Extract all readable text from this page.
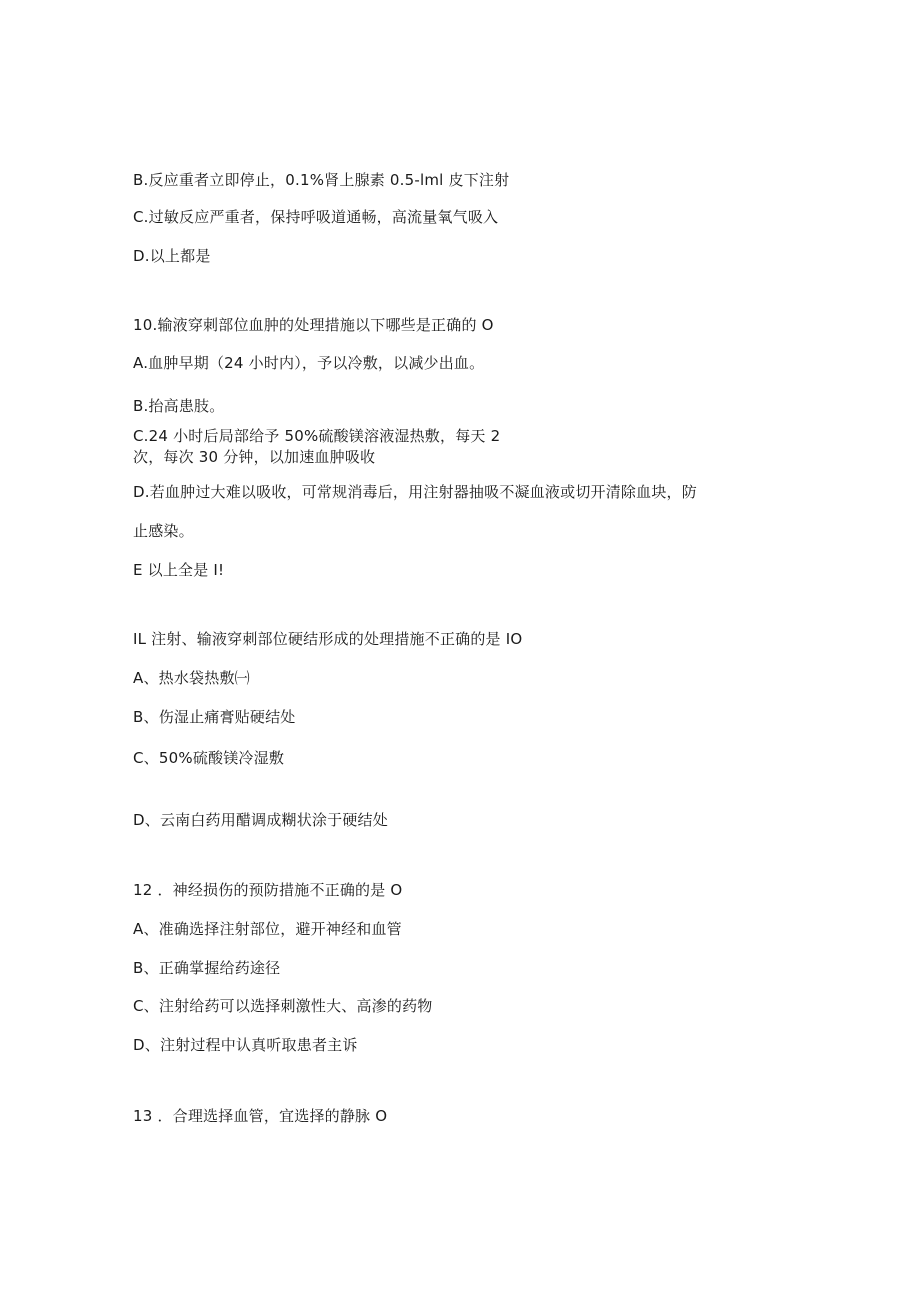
B.反应重者立即停止，0.1%肾上腺素 0.5-lml 皮下注射
C.过敏反应严重者，保持呼吸道通畅，高流量氧气吸入
D.以上都是
10.输液穿刺部位血肿的处理措施以下哪些是正确的 O
A.血肿早期（24 小时内），予以冷敷，以减少出血。
B.抬高患肢。
C.24 小时后局部给予 50%硫酸镁溶液湿热敷，每天 2
次，每次 30 分钟，以加速血肿吸收
D.若血肿过大难以吸收，可常规消毒后，用注射器抽吸不凝血液或切开清除血块，防
止感染。
E 以上全是 I!
IL 注射、输液穿刺部位硬结形成的处理措施不正确的是 IO
A、热水袋热敷㈠
B、伤湿止痛膏贴硬结处
C、50%硫酸镁冷湿敷
D、云南白药用醋调成糊状涂于硬结处
12 ．神经损伤的预防措施不正确的是 O
A、准确选择注射部位，避开神经和血管
B、正确掌握给药途径
C、注射给药可以选择刺激性大、高渗的药物
D、注射过程中认真听取患者主诉
13 ．合理选择血管，宜选择的静脉 O
